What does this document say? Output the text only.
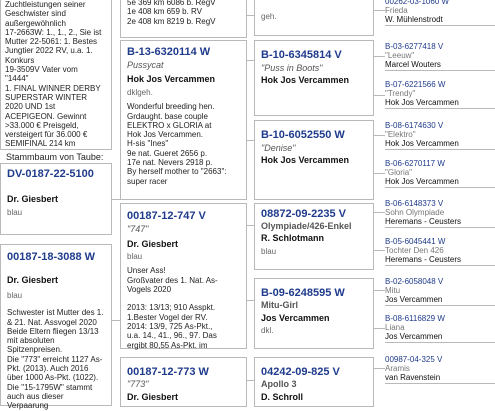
Zuchtleistungen seiner
Geschwister sind
außergewöhnlich
17-2663W: 1., 1., 2., Sie ist
Mutter 22-5061: 1. Bestes
Jungtier 2022 RV, u.a. 1.
Konkurs
19-3509V Vater vom
"1444"
1. FINAL WINNER DERBY
SUPERSTAR WINTER
2020 UND 1st
ACEPIGEON. Gewinnt
>33.000 € Preisgeld,
versteigert für 36.000 €
SEMIFINAL 214 km
Stammbaum von Taube:
DV-0187-22-5100
Dr. Giesbert
blau
00187-18-3088 W
Dr. Giesbert
blau
Schwester ist Mutter des 1.
& 21. Nat. Assvogel 2020
Beide Eltern fliegen 13/13
mit absoluten
Spitzenpreisen.
Die "773" erreicht 1127 As-
Pkt. (2013). Auch 2016
über 1000 As-Pkt. (1022).
Die "15-1795W" stammt
auch aus dieser
Verpaarung
5e 369 km 6086 b. RegV
1e 408 km 659 b. RV
2e 408 km 8219 b. RegV
B-13-6320114 W
Pussycat
Hok Jos Vercammen
dklgeh.
Wonderful breeding hen.
Grdaught. base couple
ELEKTRO x GLORIA at
Hok Jos Vercammen.
H-sis "Ines"
9e nat. Gueret 2656 p.
17e nat. Nevers 2918 p.
By herself mother to "2663":
super racer
00187-12-747 V
"747"
Dr. Giesbert
blau
Unser Ass!
Großvater des 1. Nat. As-
Vogels 2020
2013: 13/13; 910 Asspkt.
1.Bester Vogel der RV.
2014: 13/9, 725 As-Pkt.,
u.a. 14., 41., 96., 97. Das
ergibt 80,55 As-Pkt. im
00187-12-773 W
"773"
Dr. Giesbert
geh.
B-10-6345814 V
"Puss in Boots"
Hok Jos Vercammen
B-10-6052550 W
"Denise"
Hok Jos Vercammen
08872-09-2235 V
Olympiade/426-Enkel
R. Schlotmann
blau
B-09-6248595 W
Mitu-Girl
Jos Vercammen
dkl.
04242-09-825 V
Apollo 3
D. Schroll
00262-03-1060 W
Frieda
W. Mühlenstrodt
B-03-6277418 V
"Leeuw"
Marcel Wouters
B-07-6221566 W
"Trendy"
Hok Jos Vercammen
B-08-6174630 V
"Elektro"
Hok Jos Vercammen
B-06-6270117 W
"Gloria"
Hok Jos Vercammen
B-06-6148373 V
Sohn Olympiade
Heremans - Ceusters
B-05-6045441 W
Tochter Den 426
Heremans - Ceusters
B-02-6058048 V
Mitu
Jos Vercammen
B-08-6116829 W
Liana
Jos Vercammen
00987-04-325 V
Aramis
van Ravenstein
